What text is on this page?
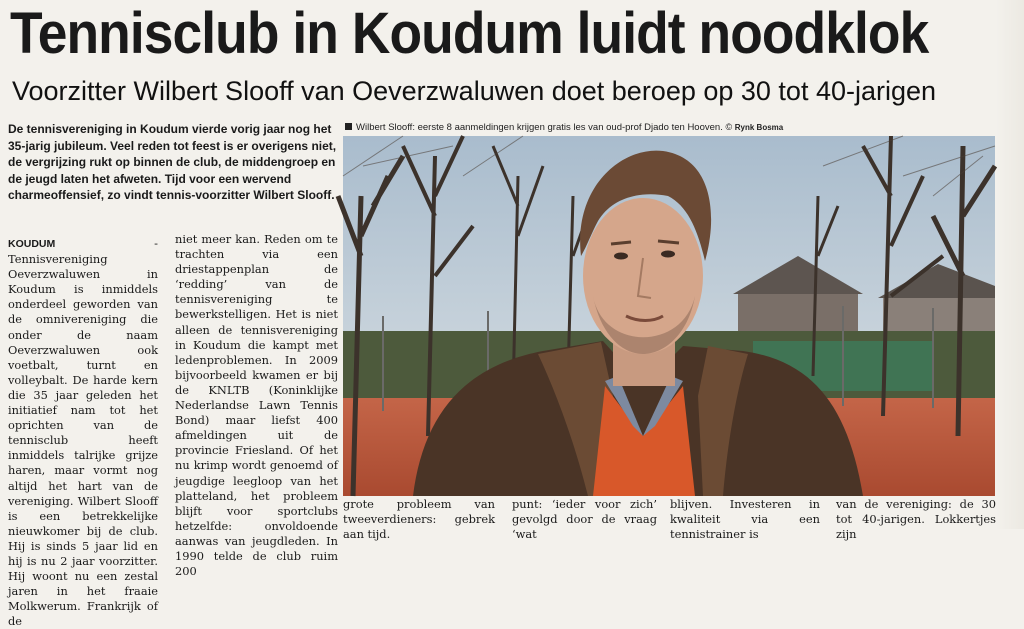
Tennisclub in Koudum luidt noodklok
Voorzitter Wilbert Slooff van Oeverzwaluwen doet beroep op 30 tot 40-jarigen

De tennisvereniging in Koudum vierde vorig jaar nog het 35-jarig jubileum. Veel reden tot feest is er overigens niet, de vergrijzing rukt op binnen de club, de middengroep en de jeugd laten het afweten. Tijd voor een wervend charmeoffensief, zo vindt tennis-voorzitter Wilbert Slooff.

KOUDUM - Tennisvereniging Oeverzwaluwen in Koudum is inmiddels onderdeel geworden van de omnivereniging die onder de naam Oeverzwaluwen ook voetbalt, turnt en volleybalt. De harde kern die 35 jaar geleden het initiatief nam tot het oprichten van de tennisclub heeft inmiddels talrijke grijze haren, maar vormt nog altijd het hart van de vereniging. Wilbert Slooff is een betrekkelijke nieuwkomer bij de club. Hij is sinds 5 jaar lid en hij is nu 2 jaar voorzitter. Hij woont nu een zestal jaren in het fraaie Molkwerum. Frankrijk of de

niet meer kan. Reden om te trachten via een driestappenplan de ‘redding’ van de tennisvereniging te bewerkstelligen. Het is niet alleen de tennisvereniging in Koudum die kampt met ledenproblemen. In 2009 bijvoorbeeld kwamen er bij de KNLTB (Koninklijke Nederlandse Lawn Tennis Bond) maar liefst 400 afmeldingen uit de provincie Friesland. Of het nu krimp wordt genoemd of jeugdige leegloop van het platteland, het probleem blijft voor sportclubs hetzelfde: onvoldoende aanwas van jeugdleden. In 1990 telde de club ruim 200

Wilbert Slooff: eerste 8 aanmeldingen krijgen gratis les van oud-prof Djado ten Hooven. © Rynk Bosma
grote probleem van tweeverdieners: gebrek aan tijd.
punt: ‘ieder voor zich’ gevolgd door de vraag ‘wat
blijven. Investeren in kwaliteit via een tennistrainer is
van de vereniging: de 30 tot 40-jarigen. Lokkertjes zijn
